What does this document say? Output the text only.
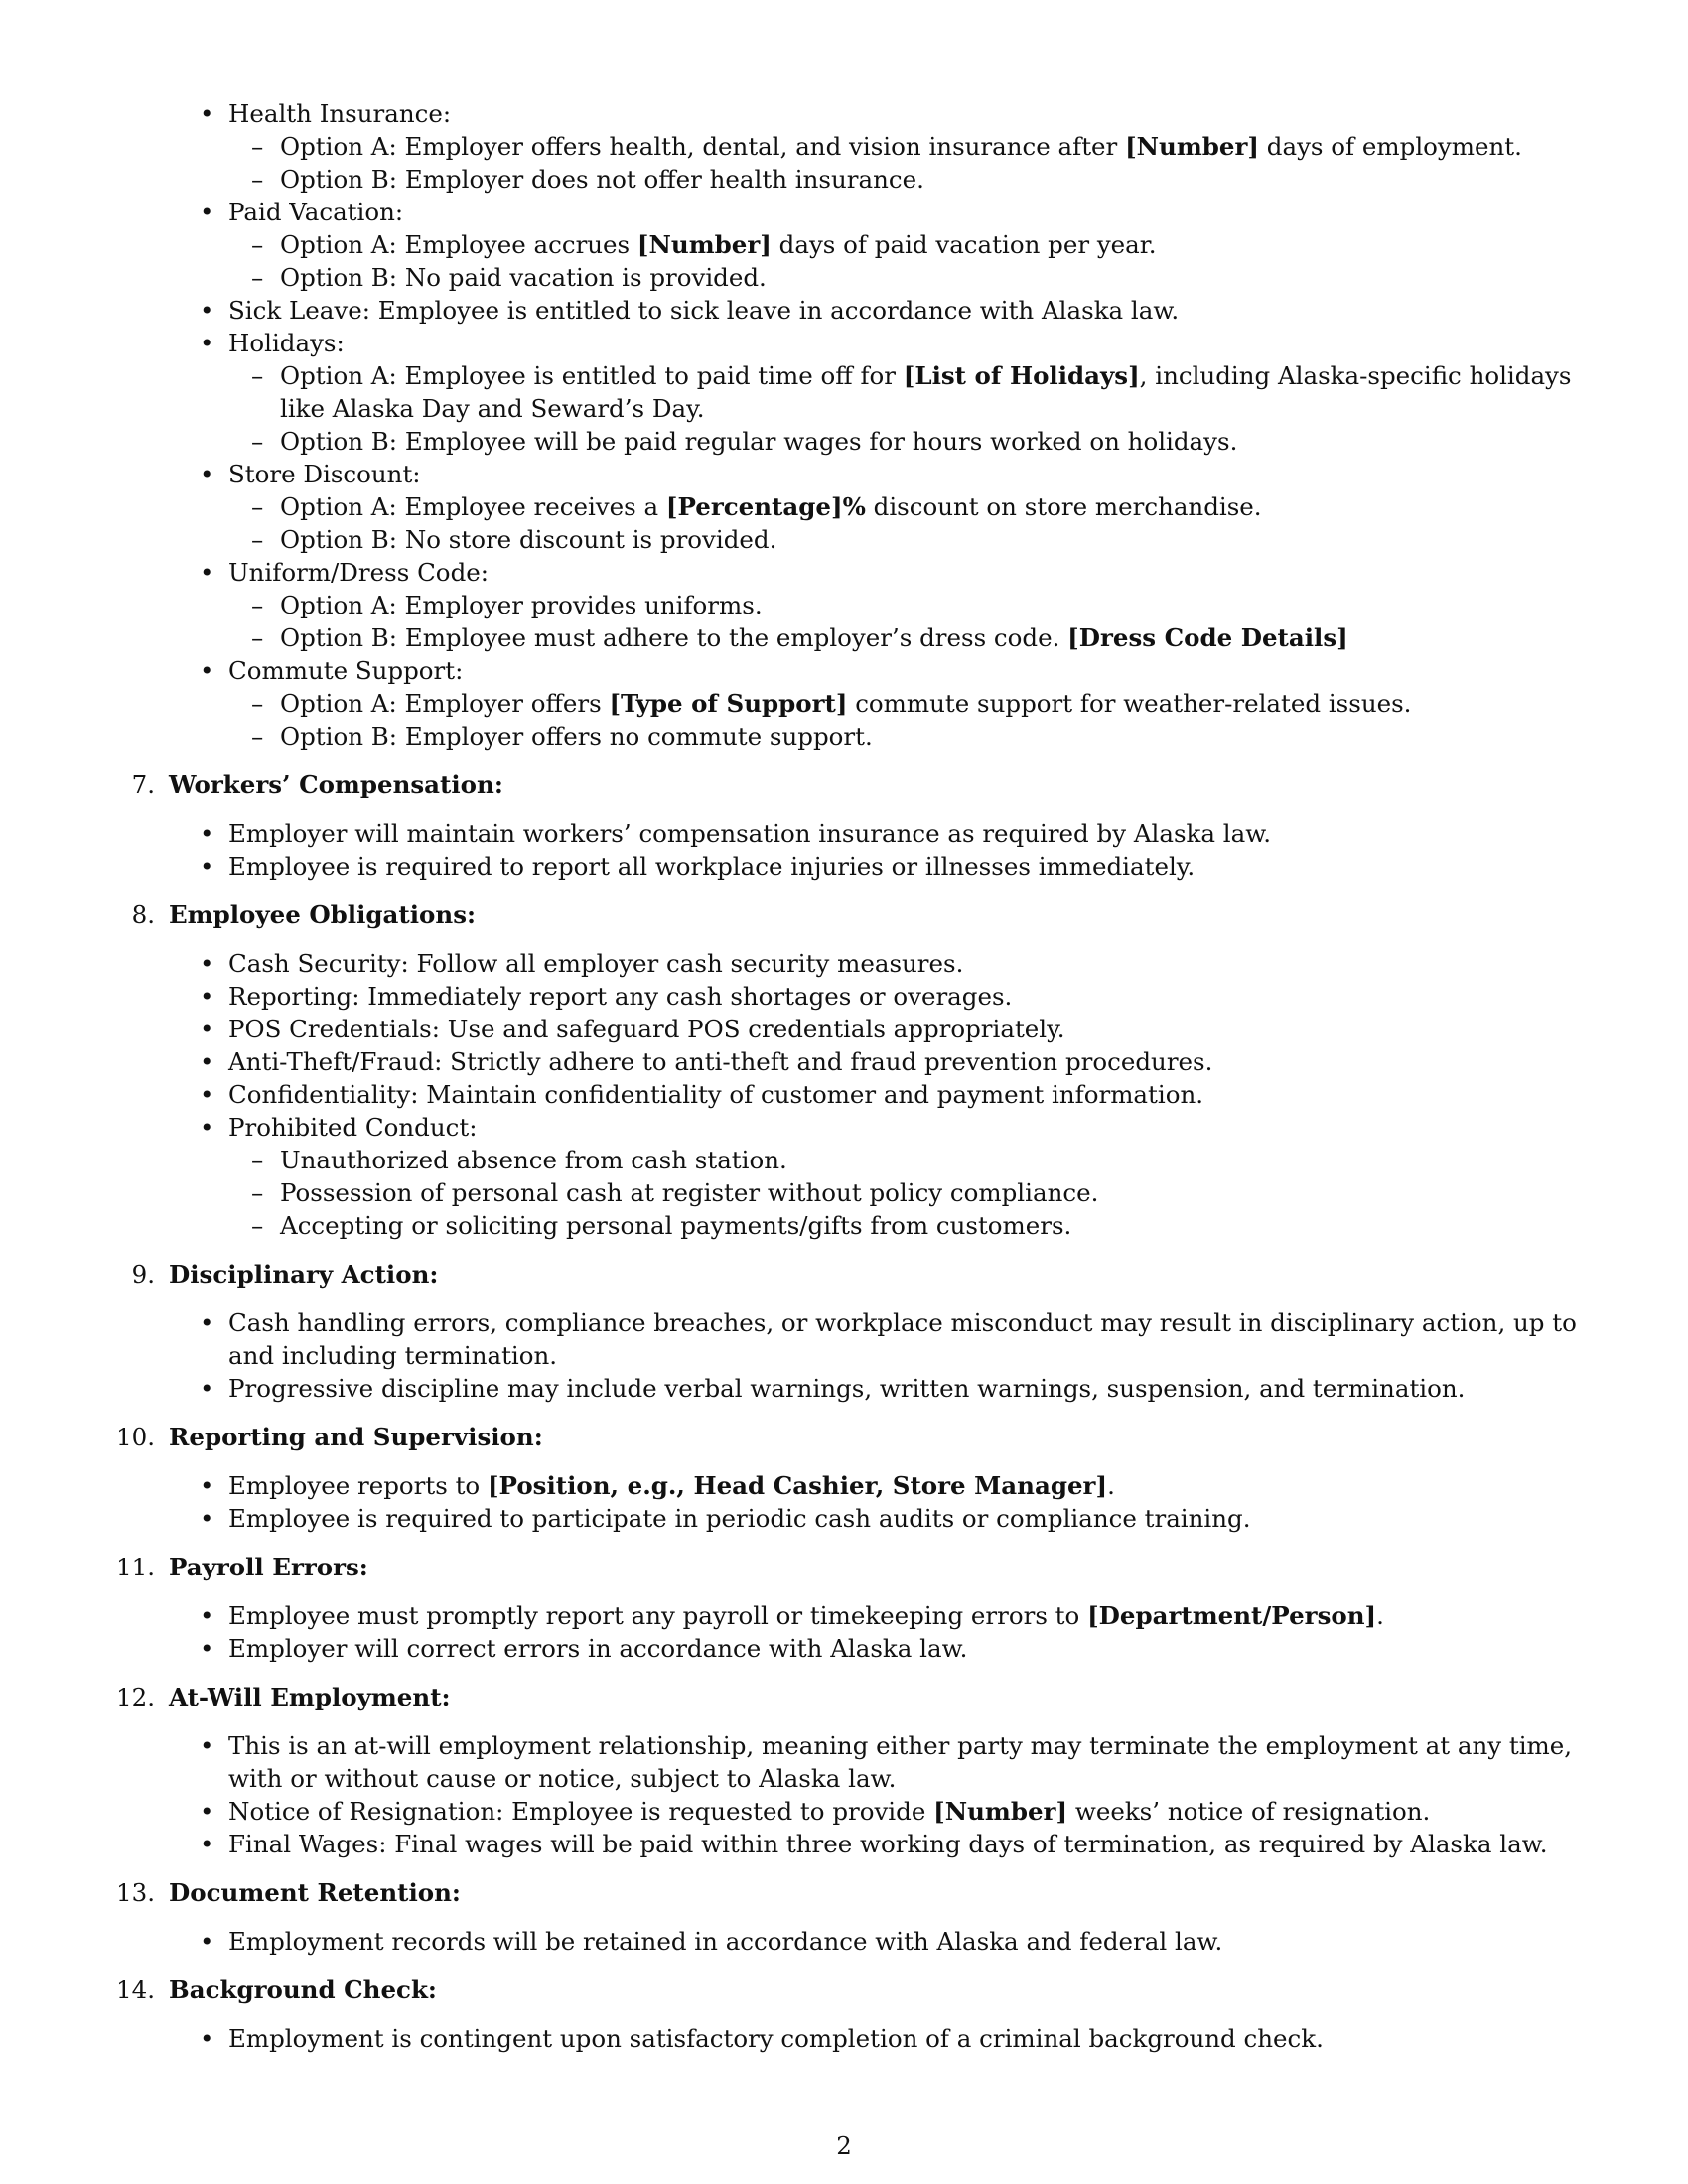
• Health Insurance:
– Option A: Employer offers health, dental, and vision insurance after [Number] days of employment.
– Option B: Employer does not offer health insurance.
• Paid Vacation:
– Option A: Employee accrues [Number] days of paid vacation per year.
– Option B: No paid vacation is provided.
• Sick Leave: Employee is entitled to sick leave in accordance with Alaska law.
• Holidays:
– Option A: Employee is entitled to paid time off for [List of Holidays], including Alaska-specific holidays like Alaska Day and Seward’s Day.
– Option B: Employee will be paid regular wages for hours worked on holidays.
• Store Discount:
– Option A: Employee receives a [Percentage]% discount on store merchandise.
– Option B: No store discount is provided.
• Uniform/Dress Code:
– Option A: Employer provides uniforms.
– Option B: Employee must adhere to the employer’s dress code. [Dress Code Details]
• Commute Support:
– Option A: Employer offers [Type of Support] commute support for weather-related issues.
– Option B: Employer offers no commute support.
7. Workers’ Compensation:
• Employer will maintain workers’ compensation insurance as required by Alaska law.
• Employee is required to report all workplace injuries or illnesses immediately.
8. Employee Obligations:
• Cash Security: Follow all employer cash security measures.
• Reporting: Immediately report any cash shortages or overages.
• POS Credentials: Use and safeguard POS credentials appropriately.
• Anti-Theft/Fraud: Strictly adhere to anti-theft and fraud prevention procedures.
• Confidentiality: Maintain confidentiality of customer and payment information.
• Prohibited Conduct:
– Unauthorized absence from cash station.
– Possession of personal cash at register without policy compliance.
– Accepting or soliciting personal payments/gifts from customers.
9. Disciplinary Action:
• Cash handling errors, compliance breaches, or workplace misconduct may result in disciplinary action, up to and including termination.
• Progressive discipline may include verbal warnings, written warnings, suspension, and termination.
10. Reporting and Supervision:
• Employee reports to [Position, e.g., Head Cashier, Store Manager].
• Employee is required to participate in periodic cash audits or compliance training.
11. Payroll Errors:
• Employee must promptly report any payroll or timekeeping errors to [Department/Person].
• Employer will correct errors in accordance with Alaska law.
12. At-Will Employment:
• This is an at-will employment relationship, meaning either party may terminate the employment at any time, with or without cause or notice, subject to Alaska law.
• Notice of Resignation: Employee is requested to provide [Number] weeks’ notice of resignation.
• Final Wages: Final wages will be paid within three working days of termination, as required by Alaska law.
13. Document Retention:
• Employment records will be retained in accordance with Alaska and federal law.
14. Background Check:
• Employment is contingent upon satisfactory completion of a criminal background check.
2
